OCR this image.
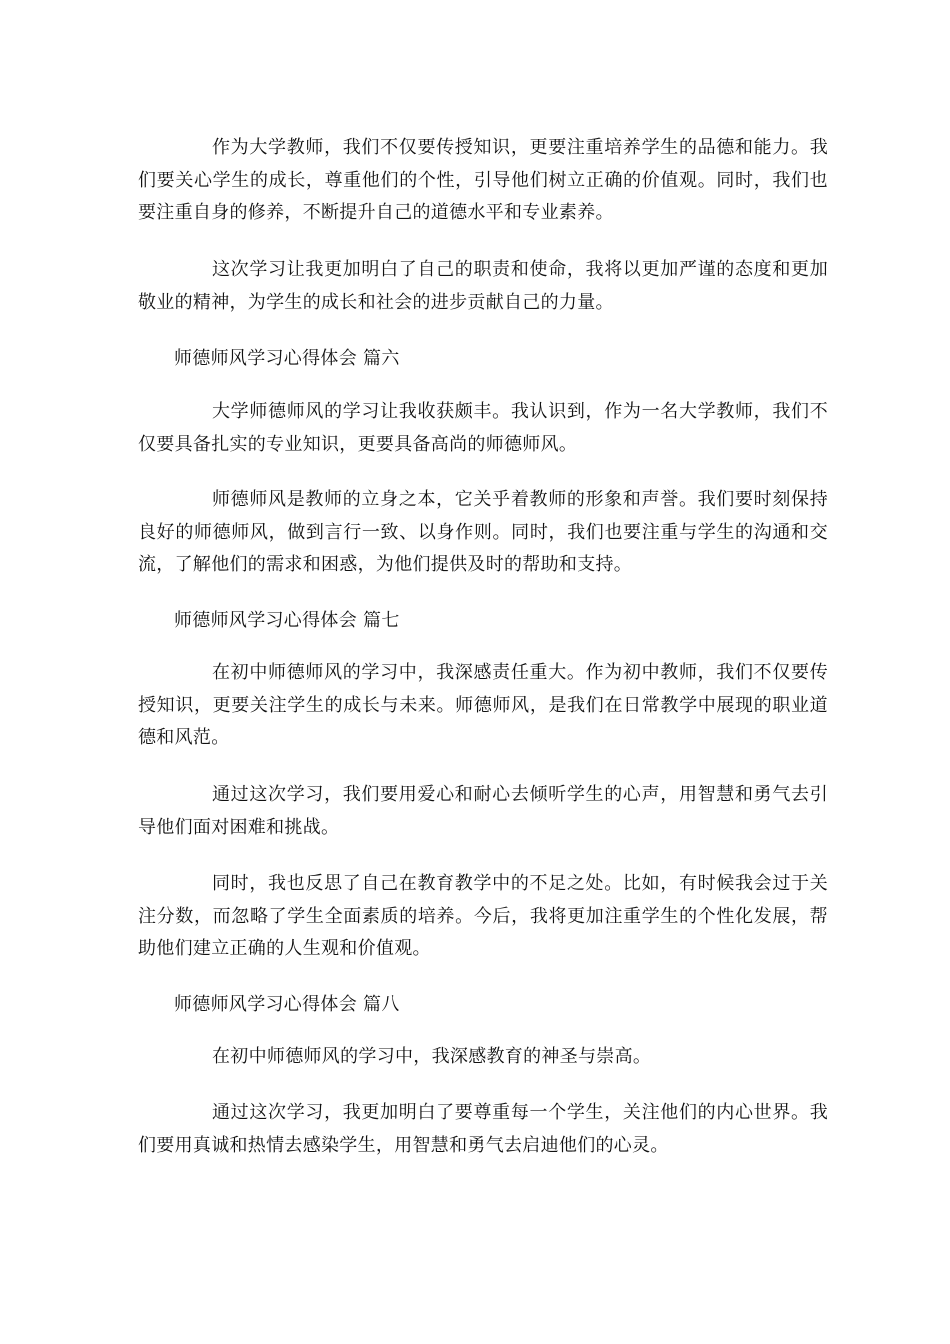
作为大学教师，我们不仅要传授知识，更要注重培养学生的品德和能力。我们要关心学生的成长，尊重他们的个性，引导他们树立正确的价值观。同时，我们也要注重自身的修养，不断提升自己的道德水平和专业素养。

这次学习让我更加明白了自己的职责和使命，我将以更加严谨的态度和更加敬业的精神，为学生的成长和社会的进步贡献自己的力量。

师德师风学习心得体会 篇六

大学师德师风的学习让我收获颇丰。我认识到，作为一名大学教师，我们不仅要具备扎实的专业知识，更要具备高尚的师德师风。

师德师风是教师的立身之本，它关乎着教师的形象和声誉。我们要时刻保持良好的师德师风，做到言行一致、以身作则。同时，我们也要注重与学生的沟通和交流，了解他们的需求和困惑，为他们提供及时的帮助和支持。

师德师风学习心得体会 篇七

在初中师德师风的学习中，我深感责任重大。作为初中教师，我们不仅要传授知识，更要关注学生的成长与未来。师德师风，是我们在日常教学中展现的职业道德和风范。

通过这次学习，我们要用爱心和耐心去倾听学生的心声，用智慧和勇气去引导他们面对困难和挑战。

同时，我也反思了自己在教育教学中的不足之处。比如，有时候我会过于关注分数，而忽略了学生全面素质的培养。今后，我将更加注重学生的个性化发展，帮助他们建立正确的人生观和价值观。

师德师风学习心得体会 篇八

在初中师德师风的学习中，我深感教育的神圣与崇高。

通过这次学习，我更加明白了要尊重每一个学生，关注他们的内心世界。我们要用真诚和热情去感染学生，用智慧和勇气去启迪他们的心灵。
